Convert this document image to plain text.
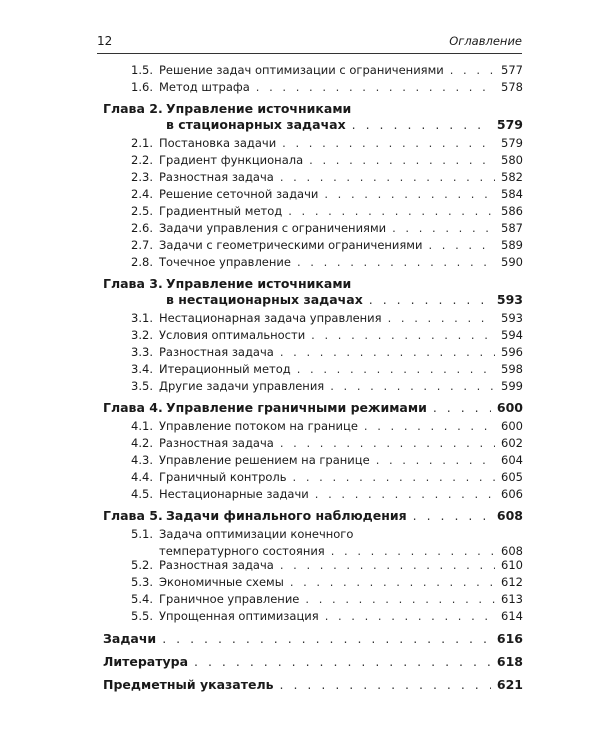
12	Оглавление
1.5. Решение задач оптимизации с ограничениями . . .	577
1.6. Метод штрафа . . .	578
Глава 2. Управление источниками
в стационарных задачах . . .	579
2.1. Постановка задачи . . .	579
2.2. Градиент функционала . . .	580
2.3. Разностная задача . . .	582
2.4. Решение сеточной задачи . . .	584
2.5. Градиентный метод . . .	586
2.6. Задачи управления с ограничениями . . .	587
2.7. Задачи с геометрическими ограничениями . . .	589
2.8. Точечное управление . . .	590
Глава 3. Управление источниками
в нестационарных задачах . . .	593
3.1. Нестационарная задача управления . . .	593
3.2. Условия оптимальности . . .	594
3.3. Разностная задача . . .	596
3.4. Итерационный метод . . .	598
3.5. Другие задачи управления . . .	599
Глава 4. Управление граничными режимами . . .	600
4.1. Управление потоком на границе . . .	600
4.2. Разностная задача . . .	602
4.3. Управление решением на границе . . .	604
4.4. Граничный контроль . . .	605
4.5. Нестационарные задачи . . .	606
Глава 5. Задачи финального наблюдения . . .	608
5.1. Задача оптимизации конечного
температурного состояния . . .	608
5.2. Разностная задача . . .	610
5.3. Экономичные схемы . . .	612
5.4. Граничное управление . . .	613
5.5. Упрощенная оптимизация . . .	614
Задачи . . .	616
Литература . . .	618
Предметный указатель . . .	621
